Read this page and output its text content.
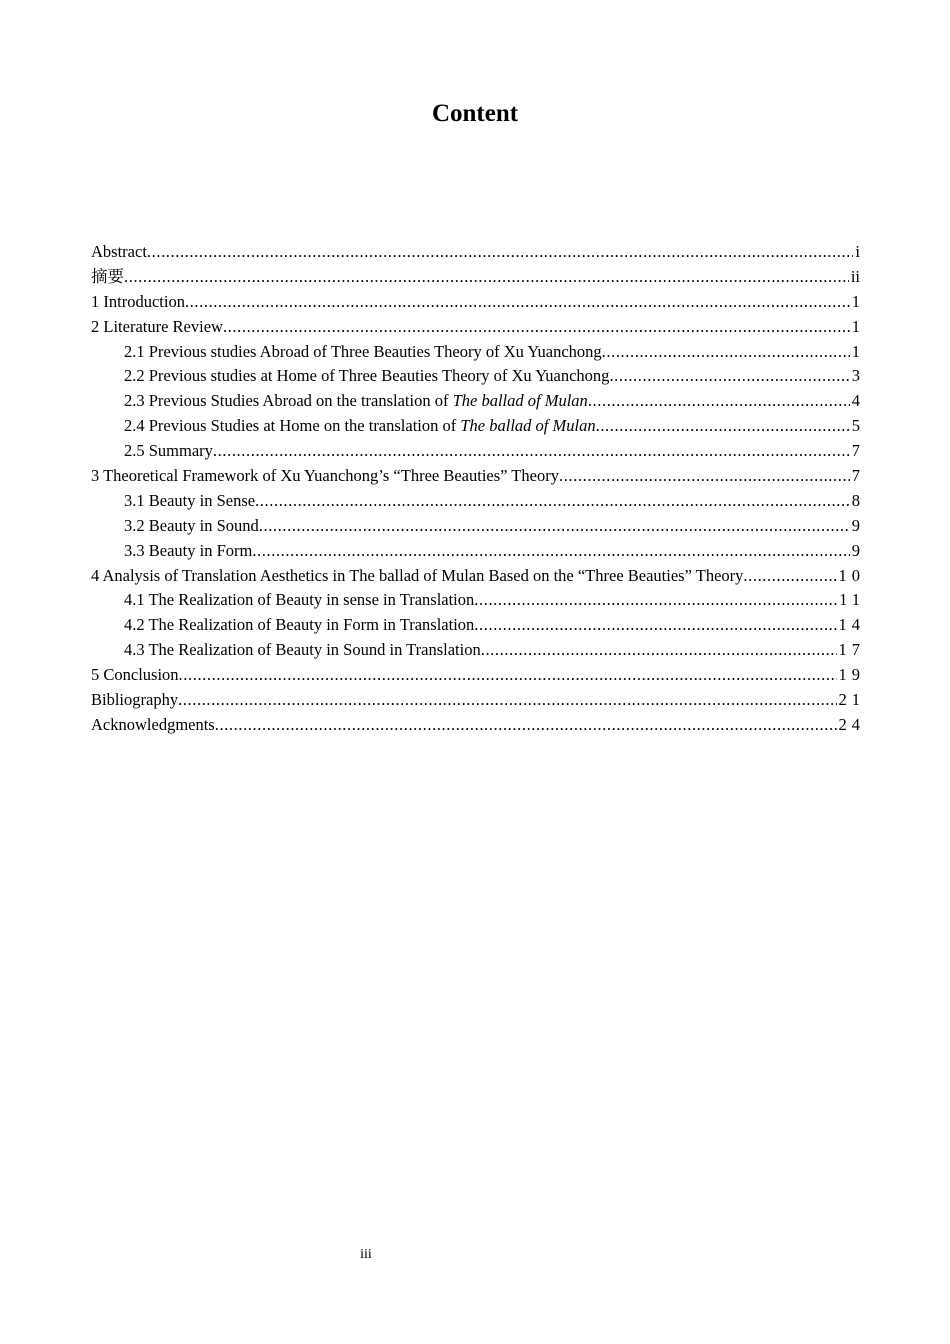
Content
Abstract .....	i
摘要 .....	ii
1 Introduction .....	1
2 Literature Review .....	1
2.1 Previous studies Abroad of Three Beauties Theory of Xu Yuanchong .....	1
2.2 Previous studies at Home of Three Beauties Theory of Xu Yuanchong .....	3
2.3 Previous Studies Abroad on the translation of The ballad of Mulan .....	4
2.4 Previous Studies at Home on the translation of The ballad of Mulan .....	5
2.5 Summary .....	7
3 Theoretical Framework of Xu Yuanchong’s “Three Beauties” Theory .....	7
3.1 Beauty in Sense .....	8
3.2 Beauty in Sound .....	9
3.3 Beauty in Form .....	9
4 Analysis of Translation Aesthetics in The ballad of Mulan Based on the “Three Beauties” Theory .....	10
4.1 The Realization of Beauty in sense in Translation .....	11
4.2 The Realization of Beauty in Form in Translation .....	14
4.3 The Realization of Beauty in Sound in Translation .....	17
5 Conclusion .....	19
Bibliography .....	21
Acknowledgments .....	24
iii
